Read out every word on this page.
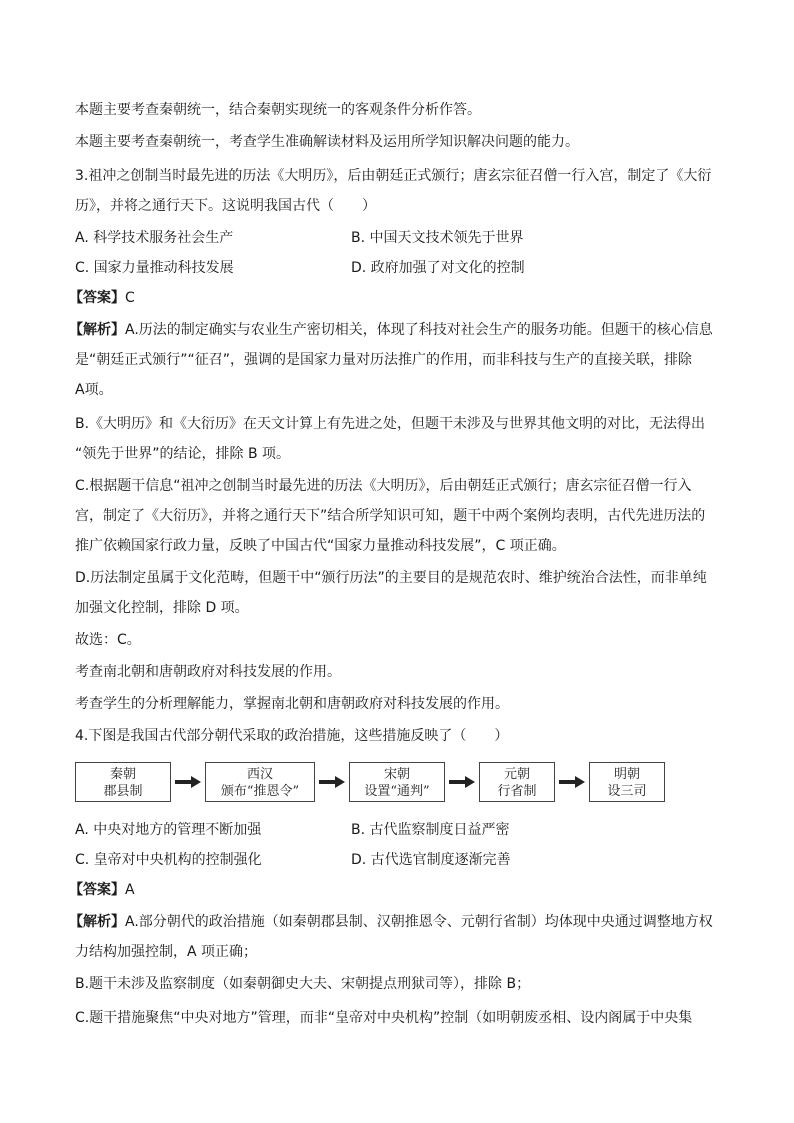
本题主要考查秦朝统一，结合秦朝实现统一的客观条件分析作答。
本题主要考查秦朝统一，考查学生准确解读材料及运用所学知识解决问题的能力。
3.祖冲之创制当时最先进的历法《大明历》，后由朝廷正式颁行；唐玄宗征召僧一行入宫，制定了《大衍
历》，并将之通行天下。这说明我国古代（　　）
A. 科学技术服务社会生产	B. 中国天文技术领先于世界
C. 国家力量推动科技发展	D. 政府加强了对文化的控制
【答案】C
【解析】A.历法的制定确实与农业生产密切相关，体现了科技对社会生产的服务功能。但题干的核心信息
是“朝廷正式颁行”“征召”，强调的是国家力量对历法推广的作用，而非科技与生产的直接关联，排除
A项。
B.《大明历》和《大衍历》在天文计算上有先进之处，但题干未涉及与世界其他文明的对比，无法得出
“领先于世界”的结论，排除 B 项。
C.根据题干信息“祖冲之创制当时最先进的历法《大明历》，后由朝廷正式颁行；唐玄宗征召僧一行入
宫，制定了《大衍历》，并将之通行天下”结合所学知识可知，题干中两个案例均表明，古代先进历法的
推广依赖国家行政力量，反映了中国古代“国家力量推动科技发展”，C 项正确。
D.历法制定虽属于文化范畴，但题干中“颁行历法”的主要目的是规范农时、维护统治合法性，而非单纯
加强文化控制，排除 D 项。
故选：C。
考查南北朝和唐朝政府对科技发展的作用。
考查学生的分析理解能力，掌握南北朝和唐朝政府对科技发展的作用。
4.下图是我国古代部分朝代采取的政治措施，这些措施反映了（　　）
秦朝
郡县制
西汉
颁布“推恩令”
宋朝
设置“通判”
元朝
行省制
明朝
设三司
A. 中央对地方的管理不断加强	B. 古代监察制度日益严密
C. 皇帝对中央机构的控制强化	D. 古代选官制度逐渐完善
【答案】A
【解析】A.部分朝代的政治措施（如秦朝郡县制、汉朝推恩令、元朝行省制）均体现中央通过调整地方权
力结构加强控制，A 项正确；
B.题干未涉及监察制度（如秦朝御史大夫、宋朝提点刑狱司等），排除 B；
C.题干措施聚焦“中央对地方”管理，而非“皇帝对中央机构”控制（如明朝废丞相、设内阁属于中央集
